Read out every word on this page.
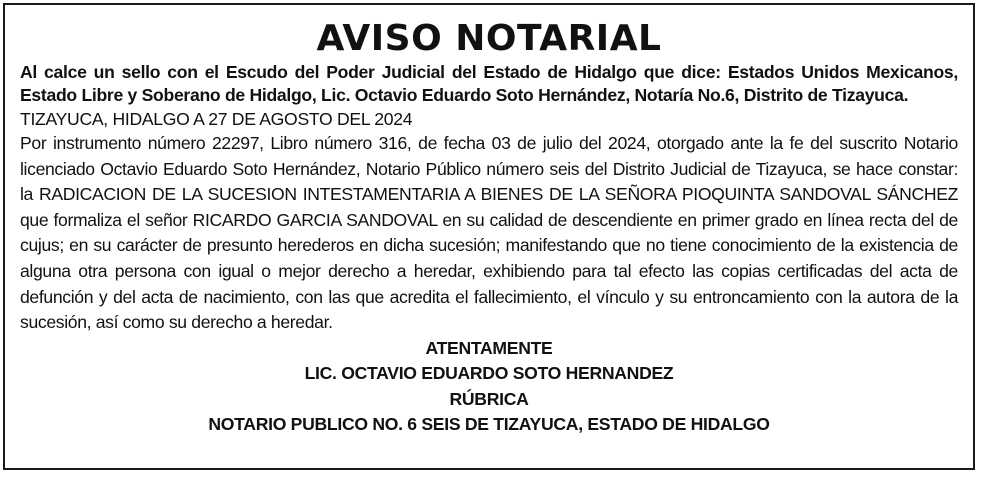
AVISO NOTARIAL

Al calce un sello con el Escudo del Poder Judicial del Estado de Hidalgo que dice: Estados Unidos Mexicanos, Estado Libre y Soberano de Hidalgo, Lic. Octavio Eduardo Soto Hernández, Notaría No.6, Distrito de Tizayuca.

TIZAYUCA, HIDALGO A 27 DE AGOSTO DEL 2024

Por instrumento número 22297, Libro número 316, de fecha 03 de julio del 2024, otorgado ante la fe del suscrito Notario licenciado Octavio Eduardo Soto Hernández, Notario Público número seis del Distrito Judicial de Tizayuca, se hace constar: la RADICACION DE LA SUCESION INTESTAMENTARIA A BIENES DE LA SEÑORA PIOQUINTA SANDOVAL SÁNCHEZ que formaliza el señor RICARDO GARCIA SANDOVAL en su calidad de descendiente en primer grado en línea recta del de cujus; en su carácter de presunto herederos en dicha sucesión; manifestando que no tiene conocimiento de la existencia de alguna otra persona con igual o mejor derecho a heredar, exhibiendo para tal efecto las copias certificadas del acta de defunción y del acta de nacimiento, con las que acredita el fallecimiento, el vínculo y su entroncamiento con la autora de la sucesión, así como su derecho a heredar.

ATENTAMENTE

LIC. OCTAVIO EDUARDO SOTO HERNANDEZ

RÚBRICA

NOTARIO PUBLICO NO. 6 SEIS DE TIZAYUCA, ESTADO DE HIDALGO
